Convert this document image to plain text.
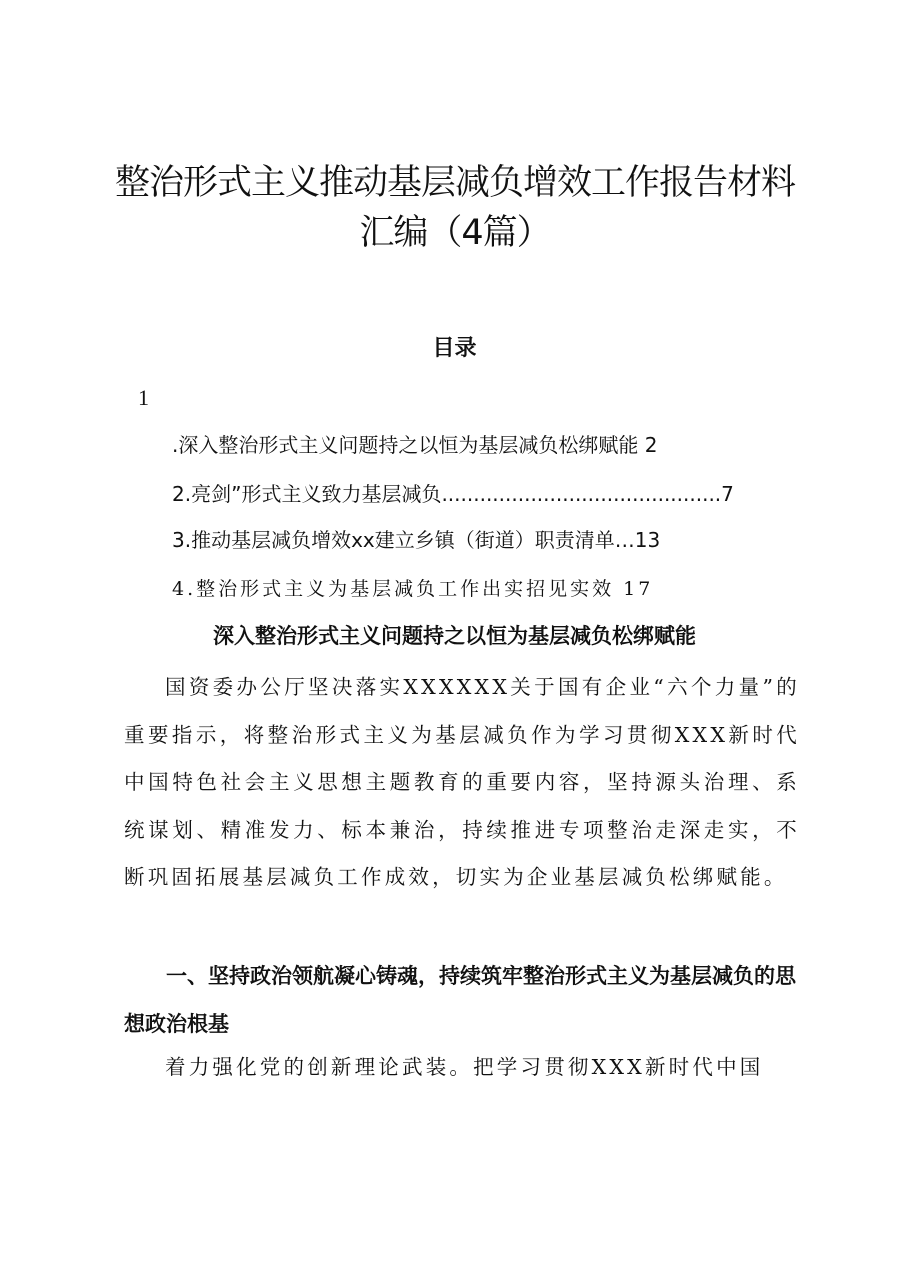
整治形式主义推动基层减负增效工作报告材料
汇编（4篇）
目录
1
.深入整治形式主义问题持之以恒为基层减负松绑赋能 2
2.亮剑”形式主义致力基层减负............................................7
3.推动基层减负增效xx建立乡镇（街道）职责清单…13
4.整治形式主义为基层减负工作出实招见实效 17
深入整治形式主义问题持之以恒为基层减负松绑赋能
国资委办公厅坚决落实XXXXXX关于国有企业“六个力量”的重要指示，将整治形式主义为基层减负作为学习贯彻XXX新时代中国特色社会主义思想主题教育的重要内容，坚持源头治理、系统谋划、精准发力、标本兼治，持续推进专项整治走深走实，不断巩固拓展基层减负工作成效，切实为企业基层减负松绑赋能。
一、坚持政治领航凝心铸魂，持续筑牢整治形式主义为基层减负的思想政治根基
着力强化党的创新理论武装。把学习贯彻XXX新时代中国
